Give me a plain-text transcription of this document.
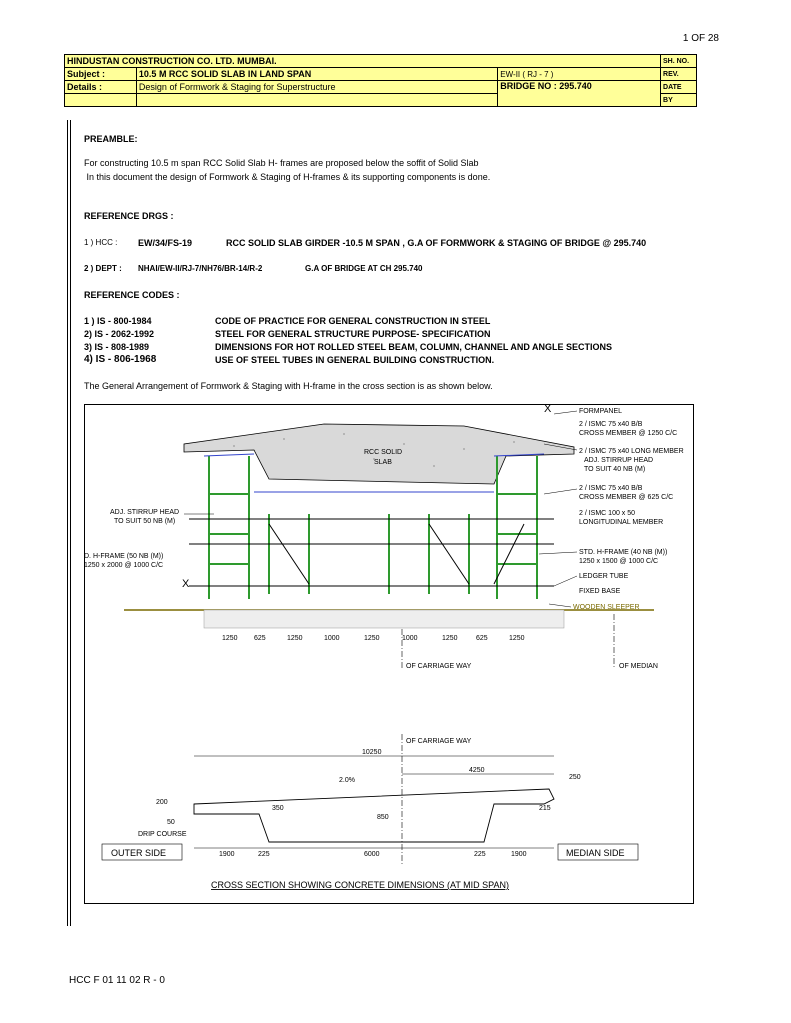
1 OF 28
HINDUSTAN CONSTRUCTION CO. LTD. MUMBAI.			SH. NO.
Subject :	10.5 M RCC SOLID SLAB IN LAND SPAN	EW-II ( RJ - 7 )	REV.
Details :	Design of Formwork & Staging for Superstructure	BRIDGE NO : 295.740	DATE
			BY
PREAMBLE:
For constructing 10.5 m span RCC Solid Slab H- frames are proposed below the soffit of Solid Slab
In this document the design of Formwork & Staging of H-frames & its supporting components is done.
REFERENCE DRGS :
1 ) HCC : EW/34/FS-19	RCC SOLID SLAB GIRDER -10.5 M SPAN , G.A OF FORMWORK & STAGING OF BRIDGE @ 295.740
2 ) DEPT : NHAI/EW-II/RJ-7/NH76/BR-14/R-2	G.A OF BRIDGE AT CH 295.740
REFERENCE CODES :
1 ) IS - 800-1984	CODE OF PRACTICE FOR GENERAL CONSTRUCTION IN STEEL
2) IS - 2062-1992	STEEL FOR GENERAL STRUCTURE PURPOSE- SPECIFICATION
3) IS - 808-1989	DIMENSIONS FOR HOT ROLLED STEEL BEAM, COLUMN, CHANNEL AND ANGLE SECTIONS
4) IS - 806-1968	USE OF STEEL TUBES IN GENERAL BUILDING CONSTRUCTION.
The General Arrangement of Formwork & Staging with H-frame in the cross section is as shown below.
RCC SOLID
SLAB
1250 625	1250	1000	1250	1000	1250	625	1250
OF CARRIAGE WAY	OF MEDIAN
X	FORMPANEL
2 / ISMC 75 x40 B/B
CROSS MEMBER @ 1250 C/C
2 / ISMC 75 x40 LONG MEMBER
ADJ. STIRRUP HEAD
TO SUIT 40 NB (M)
2 / ISMC 75 x40 B/B
CROSS MEMBER @ 625 C/C
2 / ISMC 100 x 50
LONGITUDINAL MEMBER
STD. H-FRAME (40 NB (M))
1250 x 1500 @ 1000 C/C
LEDGER TUBE
FIXED BASE
WOODEN SLEEPER
ADJ. STIRRUP HEAD
TO SUIT 50 NB (M)
D. H-FRAME (50 NB (M))
1250 x 2000 @ 1000 C/C
X
OF CARRIAGE WAY
10250
4250
250
2.0%
200
50
DRIP COURSE
350
850
215
OUTER SIDE	MEDIAN SIDE
1900	225	6000	225	1900
CROSS SECTION SHOWING CONCRETE DIMENSIONS (AT MID SPAN)
HCC F 01 11 02 R - 0
